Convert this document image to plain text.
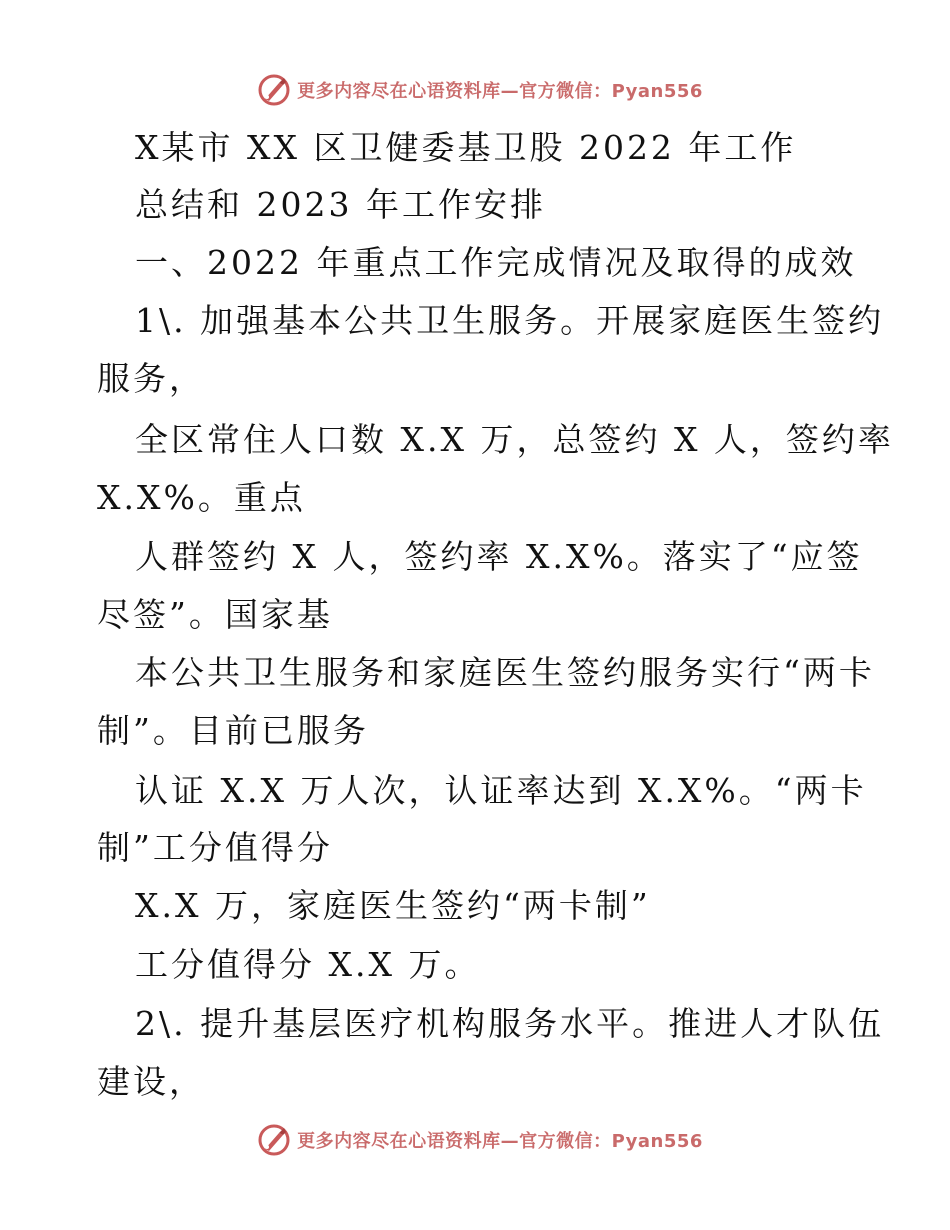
更多内容尽在心语资料库—官方微信：Pyan556
X某市 XX 区卫健委基卫股 2022 年工作
总结和 2023 年工作安排
一、2022 年重点工作完成情况及取得的成效
1\. 加强基本公共卫生服务。开展家庭医生签约
服务，
全区常住人口数 X.X 万，总签约 X 人，签约率
X.X%。重点
人群签约 X 人，签约率 X.X%。落实了“应签
尽签”。国家基
本公共卫生服务和家庭医生签约服务实行“两卡
制”。目前已服务
认证 X.X 万人次，认证率达到 X.X%。“两卡
制”工分值得分
X.X 万，家庭医生签约“两卡制”
工分值得分 X.X 万。
2\. 提升基层医疗机构服务水平。推进人才队伍
建设，
更多内容尽在心语资料库—官方微信：Pyan556
